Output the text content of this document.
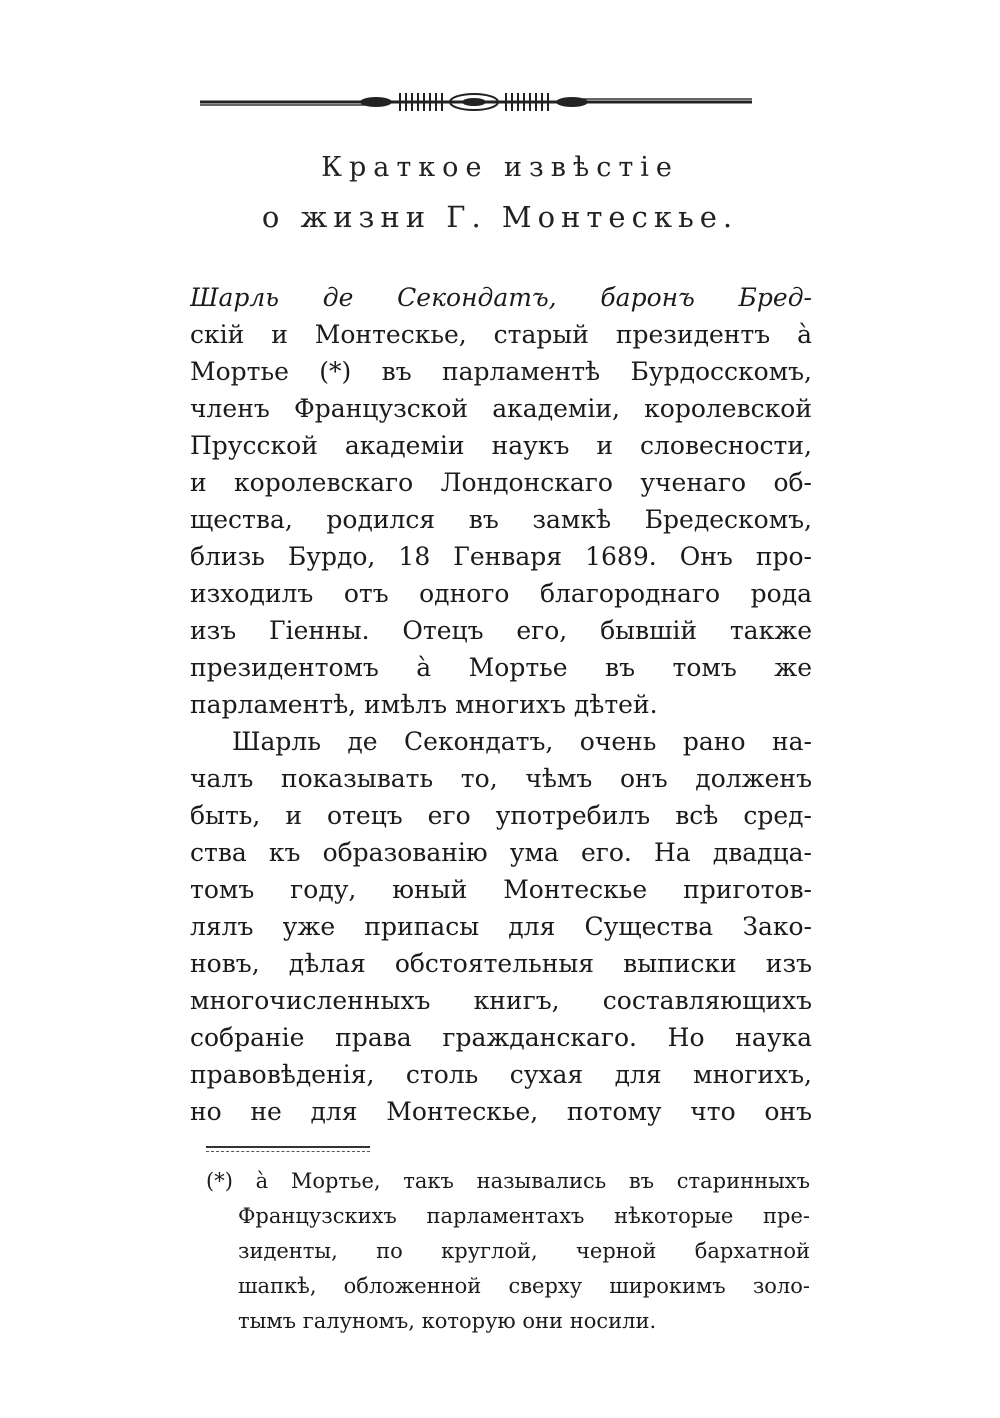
Краткое извѣстіе
о жизни Г. Монтескье.
Шарль де Секондатъ, баронъ Бред-
скій и Монтескье, старый президентъ à
Мортье (*) въ парламентѣ Бурдосскомъ,
членъ Французской академіи, королевской
Прусской академіи наукъ и словесности,
и королевскаго Лондонскаго ученаго об-
щества, родился въ замкѣ Бредескомъ,
близь Бурдо, 18 Генваря 1689. Онъ про-
изходилъ отъ одного благороднаго рода
изъ Гіенны. Отецъ его, бывшій также
президентомъ à Мортье въ томъ же
парламентѣ, имѣлъ многихъ дѣтей.
Шарль де Секондатъ, очень рано на-
чалъ показывать то, чѣмъ онъ долженъ
быть, и отецъ его употребилъ всѣ сред-
ства къ образованію ума его. На двадца-
томъ году, юный Монтескье приготов-
лялъ уже припасы для Существа Зако-
новъ, дѣлая обстоятельныя выписки изъ
многочисленныхъ книгъ, составляющихъ
собраніе права гражданскаго. Но наука
правовѣденія, столь сухая для многихъ,
но не для Монтескье, потому что онъ
(*) à Мортье, такъ назывались въ старинныхъ
Французскихъ парламентахъ нѣкоторые пре-
зиденты, по круглой, черной бархатной
шапкѣ, обложенной сверху широкимъ золо-
тымъ галуномъ, которую они носили.
